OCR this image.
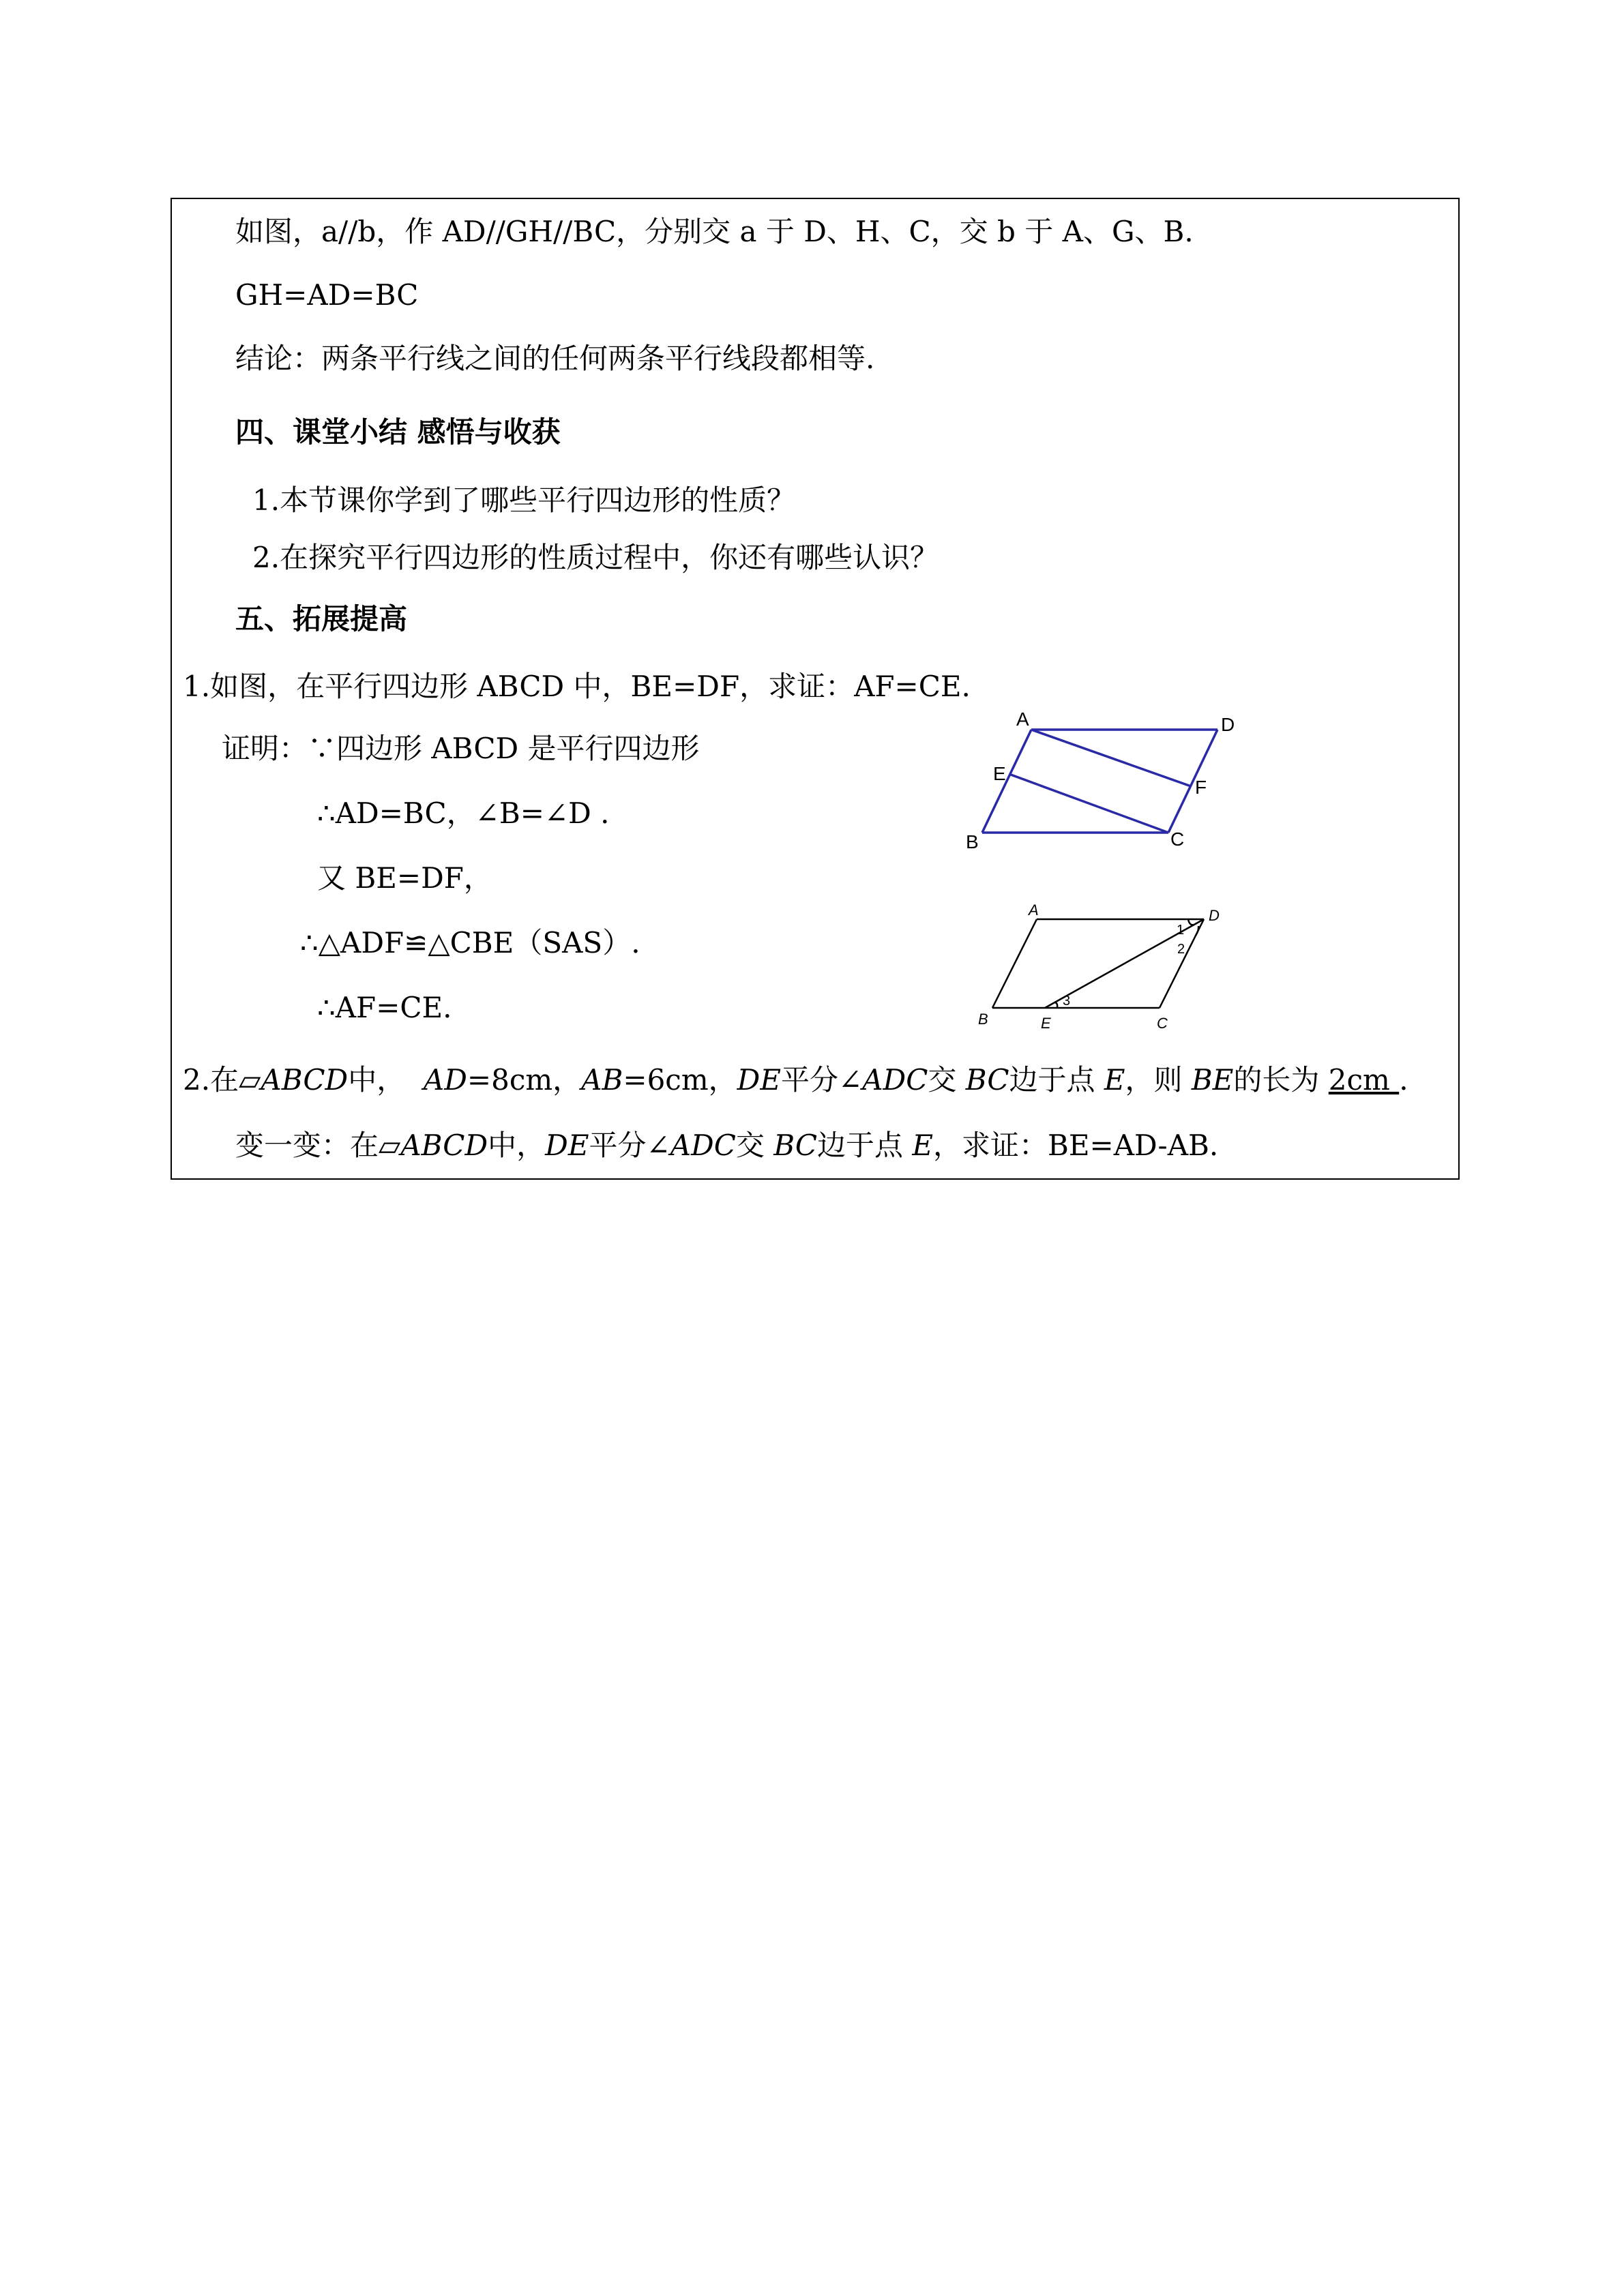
如图，a//b，作 AD//GH//BC，分别交 a 于 D、H、C，交 b 于 A、G、B.
GH=AD=BC
结论：两条平行线之间的任何两条平行线段都相等.
四、课堂小结 感悟与收获
1.本节课你学到了哪些平行四边形的性质？
2.在探究平行四边形的性质过程中，你还有哪些认识？
五、拓展提高
1.如图，在平行四边形 ABCD 中，BE=DF，求证：AF=CE.
证明：∵四边形 ABCD 是平行四边形
∴AD=BC，∠B=∠D .
又 BE=DF，
∴△ADF≌△CBE（SAS）.
∴AF=CE.
2.在▱ABCD中， AD=8cm，AB=6cm，DE平分∠ADC交 BC边于点 E，则 BE的长为 2cm .
变一变：在▱ABCD中，DE平分∠ADC交 BC边于点 E，求证：BE=AD-AB.
A	D
E
F
B	C
A	D
B	E	C
1
2
3
